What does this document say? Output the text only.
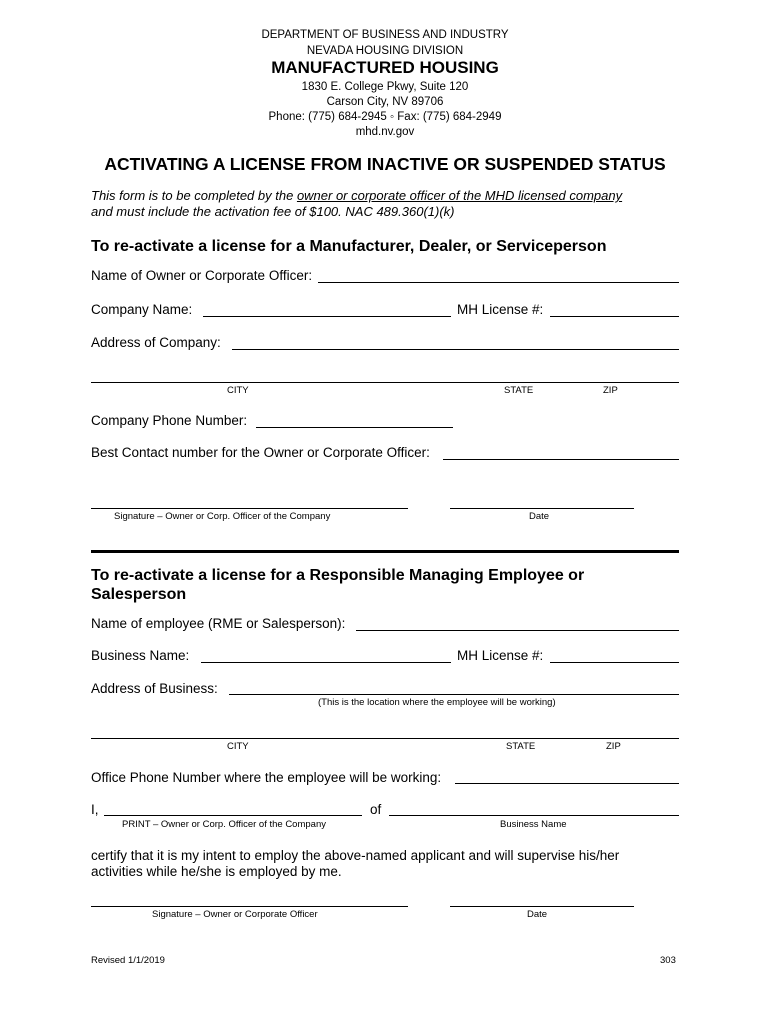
DEPARTMENT OF BUSINESS AND INDUSTRY
NEVADA HOUSING DIVISION
MANUFACTURED HOUSING
1830 E. College Pkwy, Suite 120
Carson City, NV 89706
Phone: (775) 684-2945 ◦ Fax: (775) 684-2949
mhd.nv.gov
ACTIVATING A LICENSE FROM INACTIVE OR SUSPENDED STATUS
This form is to be completed by the owner or corporate officer of the MHD licensed company
and must include the activation fee of $100. NAC 489.360(1)(k)
To re-activate a license for a Manufacturer, Dealer, or Serviceperson
Name of Owner or Corporate Officer:
Company Name:	MH License #:
Address of Company:
CITY	STATE	ZIP
Company Phone Number:
Best Contact number for the Owner or Corporate Officer:
Signature – Owner or Corp. Officer of the Company	Date
To re-activate a license for a Responsible Managing Employee or
Salesperson
Name of employee (RME or Salesperson):
Business Name:	MH License #:
Address of Business:
(This is the location where the employee will be working)
CITY	STATE	ZIP
Office Phone Number where the employee will be working:
I,	of
PRINT – Owner or Corp. Officer of the Company	Business Name
certify that it is my intent to employ the above-named applicant and will supervise his/her
activities while he/she is employed by me.
Signature – Owner or Corporate Officer	Date
Revised 1/1/2019	303
